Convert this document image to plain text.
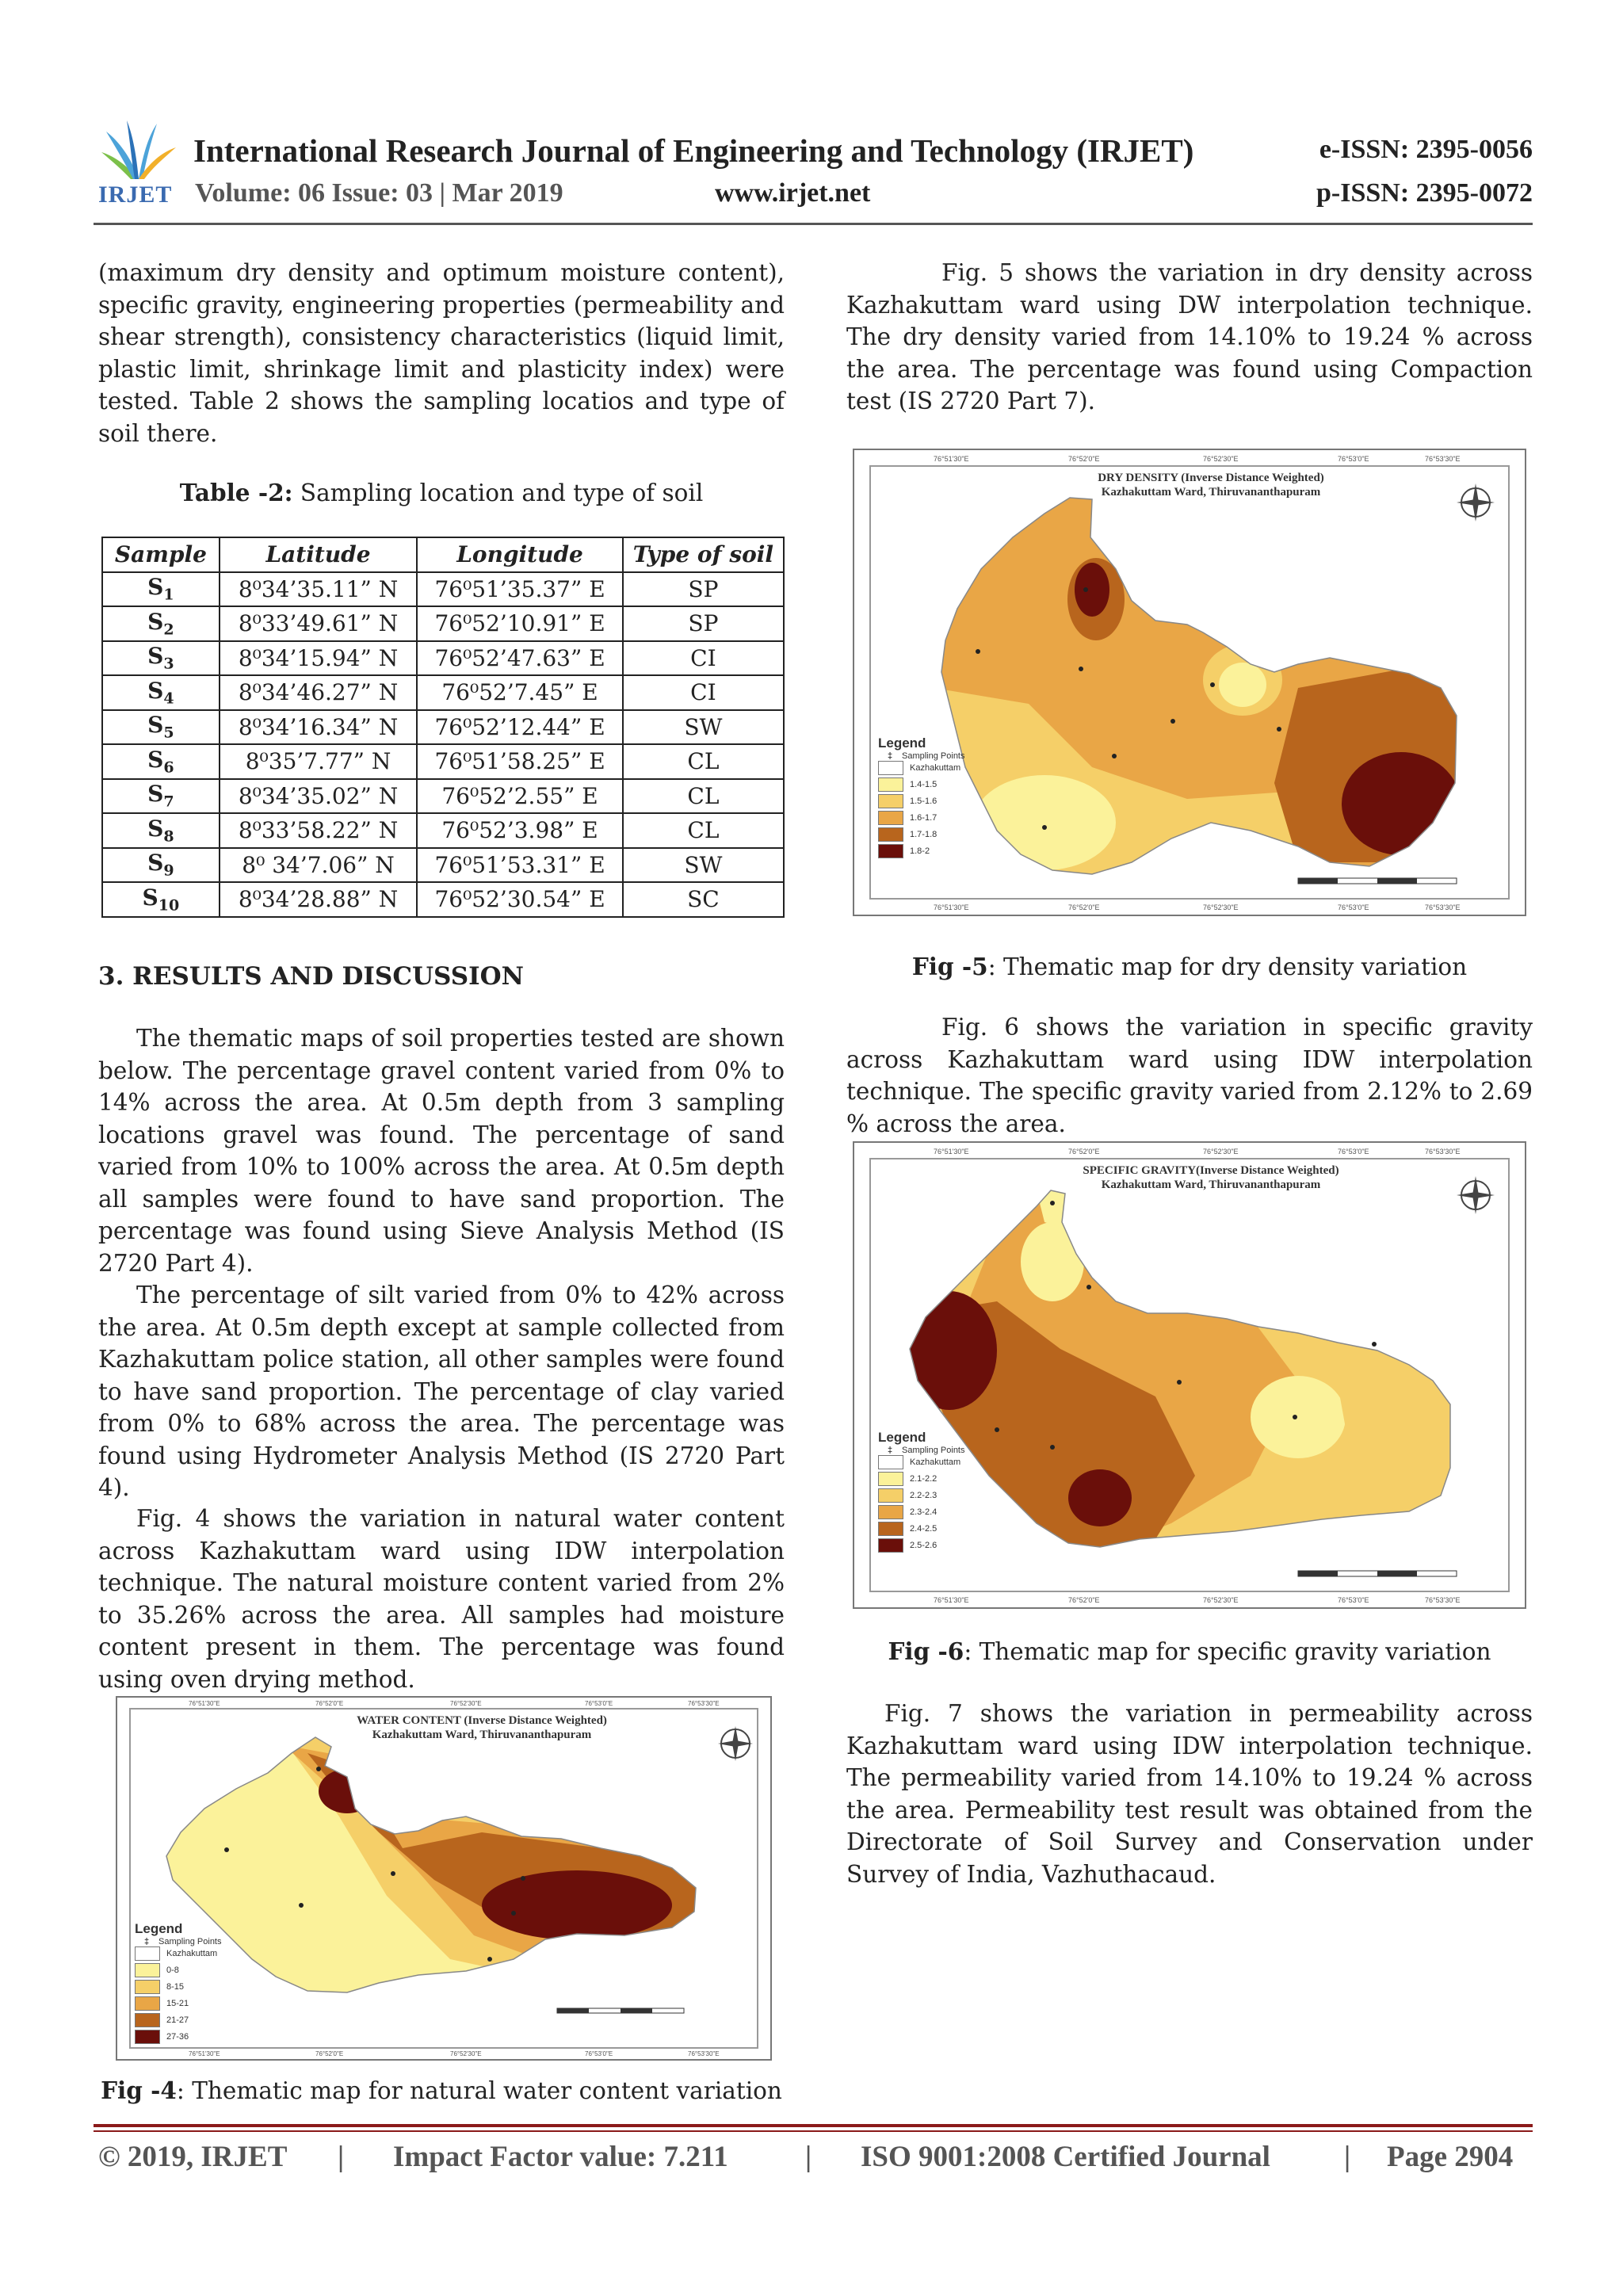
IRJET
International Research Journal of Engineering and Technology (IRJET)	e-ISSN: 2395-0056
Volume: 06 Issue: 03 | Mar 2019	www.irjet.net	p-ISSN: 2395-0072

(maximum dry density and optimum moisture content), specific gravity, engineering properties (permeability and shear strength), consistency characteristics (liquid limit, plastic limit, shrinkage limit and plasticity index) were tested. Table 2 shows the sampling locatios and type of soil there.

Table -2: Sampling location and type of soil
Sample	Latitude	Longitude	Type of soil
$S_1$	8⁰34’35.11” N	76⁰51’35.37” E	SP
$S_2$	8⁰33’49.61” N	76⁰52’10.91” E	SP
$S_3$	8⁰34’15.94” N	76⁰52’47.63” E	CI
$S_4$	8⁰34’46.27” N	76⁰52’7.45” E	CI
$S_5$	8⁰34’16.34” N	76⁰52’12.44” E	SW
$S_6$	8⁰35’7.77” N	76⁰51’58.25” E	CL
$S_7$	8⁰34’35.02” N	76⁰52’2.55” E	CL
$S_8$	8⁰33’58.22” N	76⁰52’3.98” E	CL
$S_9$	8⁰ 34’7.06” N	76⁰51’53.31” E	SW
$S_{10}$	8⁰34’28.88” N	76⁰52’30.54” E	SC
3. RESULTS AND DISCUSSION

The thematic maps of soil properties tested are shown below. The percentage gravel content varied from 0% to 14% across the area. At 0.5m depth from 3 sampling locations gravel was found. The percentage of sand varied from 10% to 100% across the area. At 0.5m depth all samples were found to have sand proportion. The percentage was found using Sieve Analysis Method (IS 2720 Part 4).

The percentage of silt varied from 0% to 42% across the area. At 0.5m depth except at sample collected from Kazhakuttam police station, all other samples were found to have sand proportion. The percentage of clay varied from 0% to 68% across the area. The percentage was found using Hydrometer Analysis Method (IS 2720 Part 4).

Fig. 4 shows the variation in natural water content across Kazhakuttam ward using IDW interpolation technique. The natural moisture content varied from 2% to 35.26% across the area. All samples had moisture content present in them. The percentage was found using oven drying method.

76°51'30"E	76°52'0"E	76°52'30"E	76°53'0"E	76°53'30"E
76°51'30"E	76°52'0"E	76°52'30"E	76°53'0"E	76°53'30"E
WATER CONTENT (Inverse Distance Weighted)
Kazhakuttam Ward, Thiruvananthapuram
Legend
‡ Sampling Points
Kazhakuttam
0-8
8-15
15-21
21-27
27-36
Fig -4: Thematic map for natural water content variation

Fig. 5 shows the variation in dry density across Kazhakuttam ward using DW interpolation technique. The dry density varied from 14.10% to 19.24 % across the area. The percentage was found using Compaction test (IS 2720 Part 7).

76°51'30"E	76°52'0"E	76°52'30"E	76°53'0"E	76°53'30"E
76°51'30"E	76°52'0"E	76°52'30"E	76°53'0"E	76°53'30"E
DRY DENSITY (Inverse Distance Weighted)
Kazhakuttam Ward, Thiruvananthapuram
Legend
‡ Sampling Points
Kazhakuttam
1.4-1.5
1.5-1.6
1.6-1.7
1.7-1.8
1.8-2
Fig -5: Thematic map for dry density variation

Fig. 6 shows the variation in specific gravity across Kazhakuttam ward using IDW interpolation technique. The specific gravity varied from 2.12% to 2.69 % across the area.

76°51'30"E	76°52'0"E	76°52'30"E	76°53'0"E	76°53'30"E
76°51'30"E	76°52'0"E	76°52'30"E	76°53'0"E	76°53'30"E
SPECIFIC GRAVITY(Inverse Distance Weighted)
Kazhakuttam Ward, Thiruvananthapuram
Legend
‡ Sampling Points
Kazhakuttam
2.1-2.2
2.2-2.3
2.3-2.4
2.4-2.5
2.5-2.6
Fig -6: Thematic map for specific gravity variation

Fig. 7 shows the variation in permeability across Kazhakuttam ward using IDW interpolation technique. The permeability varied from 14.10% to 19.24 % across the area. Permeability test result was obtained from the Directorate of Soil Survey and Conservation under Survey of India, Vazhuthacaud.

© 2019, IRJET | Impact Factor value: 7.211	| ISO 9001:2008 Certified Journal	| Page 2904
